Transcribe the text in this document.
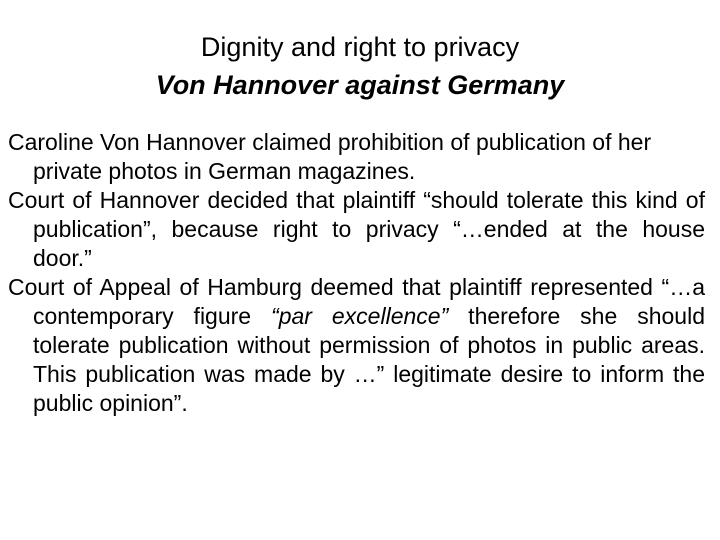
Dignity and right to privacy
Von Hannover against Germany

Caroline Von Hannover claimed prohibition of publication of her private photos in German magazines.

Court of Hannover decided that plaintiff “should tolerate this kind of publication”, because right to privacy “…ended at the house door.”

Court of Appeal of Hamburg deemed that plaintiff represented “…a contemporary figure “par excellence” therefore she should tolerate publication without permission of photos in public areas. This publication was made by …” legitimate desire to inform the public opinion”.
